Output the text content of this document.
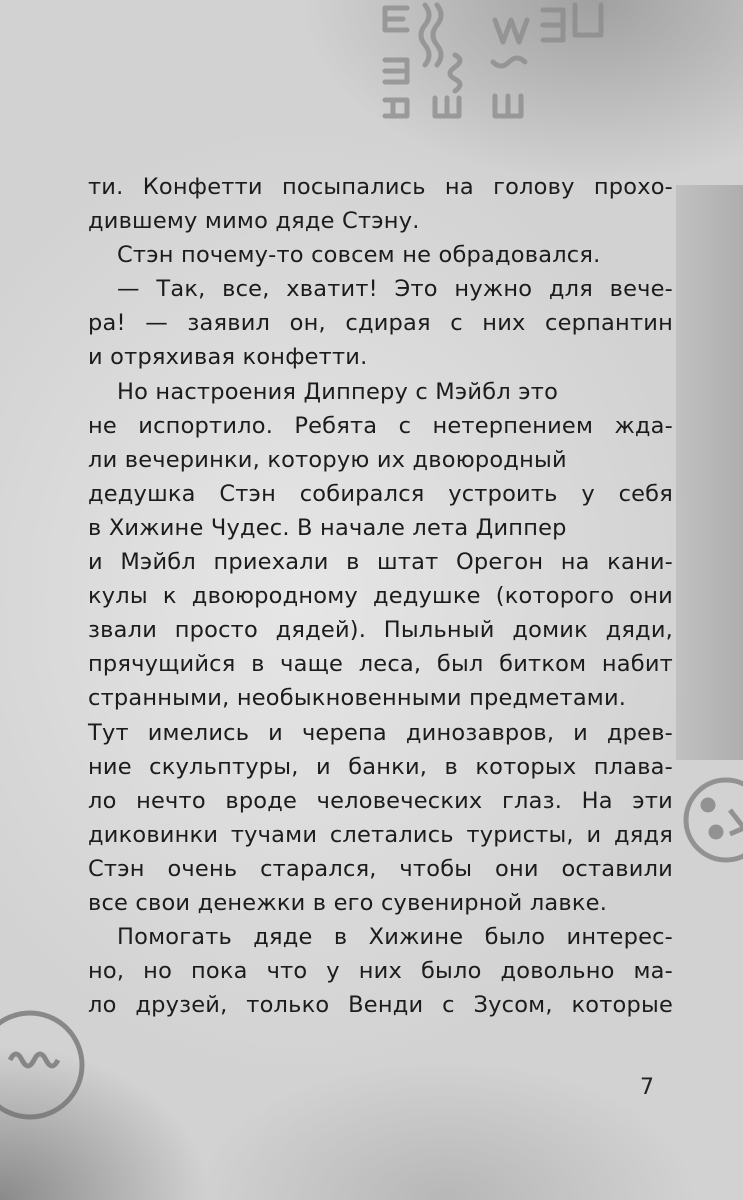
ти. Конфетти посыпались на голову прохо-
дившему мимо дяде Стэну.
Стэн почему-то совсем не обрадовался.
— Так, все, хватит! Это нужно для вече-
ра! — заявил он, сдирая с них серпантин
и отряхивая конфетти.
Но настроения Дипперу с Мэйбл это
не испортило. Ребята с нетерпением жда-
ли вечеринки, которую их двоюродный
дедушка Стэн собирался устроить у себя
в Хижине Чудес. В начале лета Диппер
и Мэйбл приехали в штат Орегон на кани-
кулы к двоюродному дедушке (которого они
звали просто дядей). Пыльный домик дяди,
прячущийся в чаще леса, был битком набит
странными, необыкновенными предметами.
Тут имелись и черепа динозавров, и древ-
ние скульптуры, и банки, в которых плава-
ло нечто вроде человеческих глаз. На эти
диковинки тучами слетались туристы, и дядя
Стэн очень старался, чтобы они оставили
все свои денежки в его сувенирной лавке.
Помогать дяде в Хижине было интерес-
но, но пока что у них было довольно ма-
ло друзей, только Венди с Зусом, которые
7
